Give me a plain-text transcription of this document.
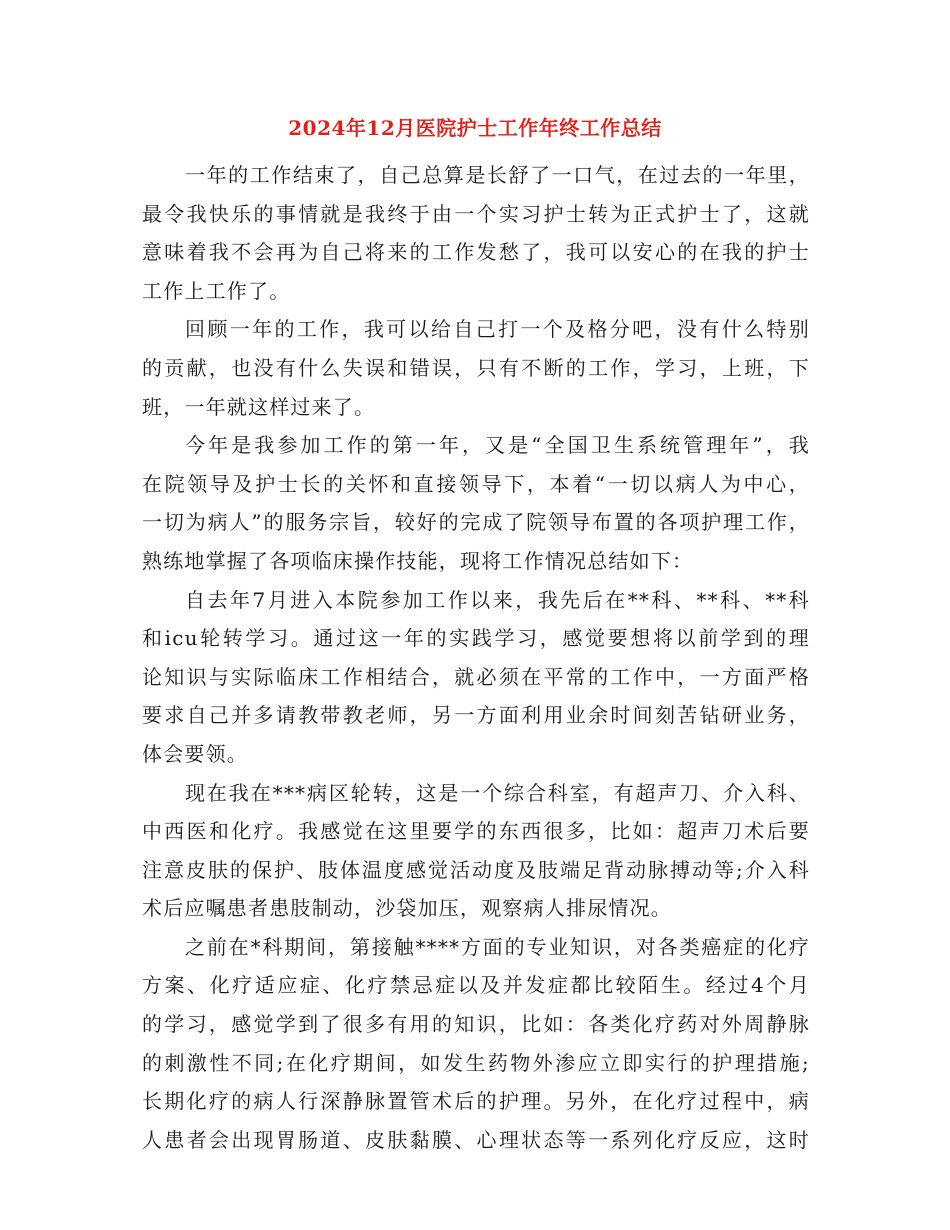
2024年12月医院护士工作年终工作总结
一年的工作结束了，自己总算是长舒了一口气，在过去的一年里，
最令我快乐的事情就是我终于由一个实习护士转为正式护士了，这就
意味着我不会再为自己将来的工作发愁了，我可以安心的在我的护士
工作上工作了。
回顾一年的工作，我可以给自己打一个及格分吧，没有什么特别
的贡献，也没有什么失误和错误，只有不断的工作，学习，上班，下
班，一年就这样过来了。
今年是我参加工作的第一年，又是“全国卫生系统管理年”，我
在院领导及护士长的关怀和直接领导下，本着“一切以病人为中心，
一切为病人”的服务宗旨，较好的完成了院领导布置的各项护理工作，
熟练地掌握了各项临床操作技能，现将工作情况总结如下：
自去年7月进入本院参加工作以来，我先后在**科、**科、**科
和icu轮转学习。通过这一年的实践学习，感觉要想将以前学到的理
论知识与实际临床工作相结合，就必须在平常的工作中，一方面严格
要求自己并多请教带教老师，另一方面利用业余时间刻苦钻研业务，
体会要领。
现在我在***病区轮转，这是一个综合科室，有超声刀、介入科、
中西医和化疗。我感觉在这里要学的东西很多，比如：超声刀术后要
注意皮肤的保护、肢体温度感觉活动度及肢端足背动脉搏动等;介入科
术后应嘱患者患肢制动，沙袋加压，观察病人排尿情况。
之前在*科期间，第接触****方面的专业知识，对各类癌症的化疗
方案、化疗适应症、化疗禁忌症以及并发症都比较陌生。经过4个月
的学习，感觉学到了很多有用的知识，比如：各类化疗药对外周静脉
的刺激性不同;在化疗期间，如发生药物外渗应立即实行的护理措施;
长期化疗的病人行深静脉置管术后的护理。另外，在化疗过程中，病
人患者会出现胃肠道、皮肤黏膜、心理状态等一系列化疗反应，这时
